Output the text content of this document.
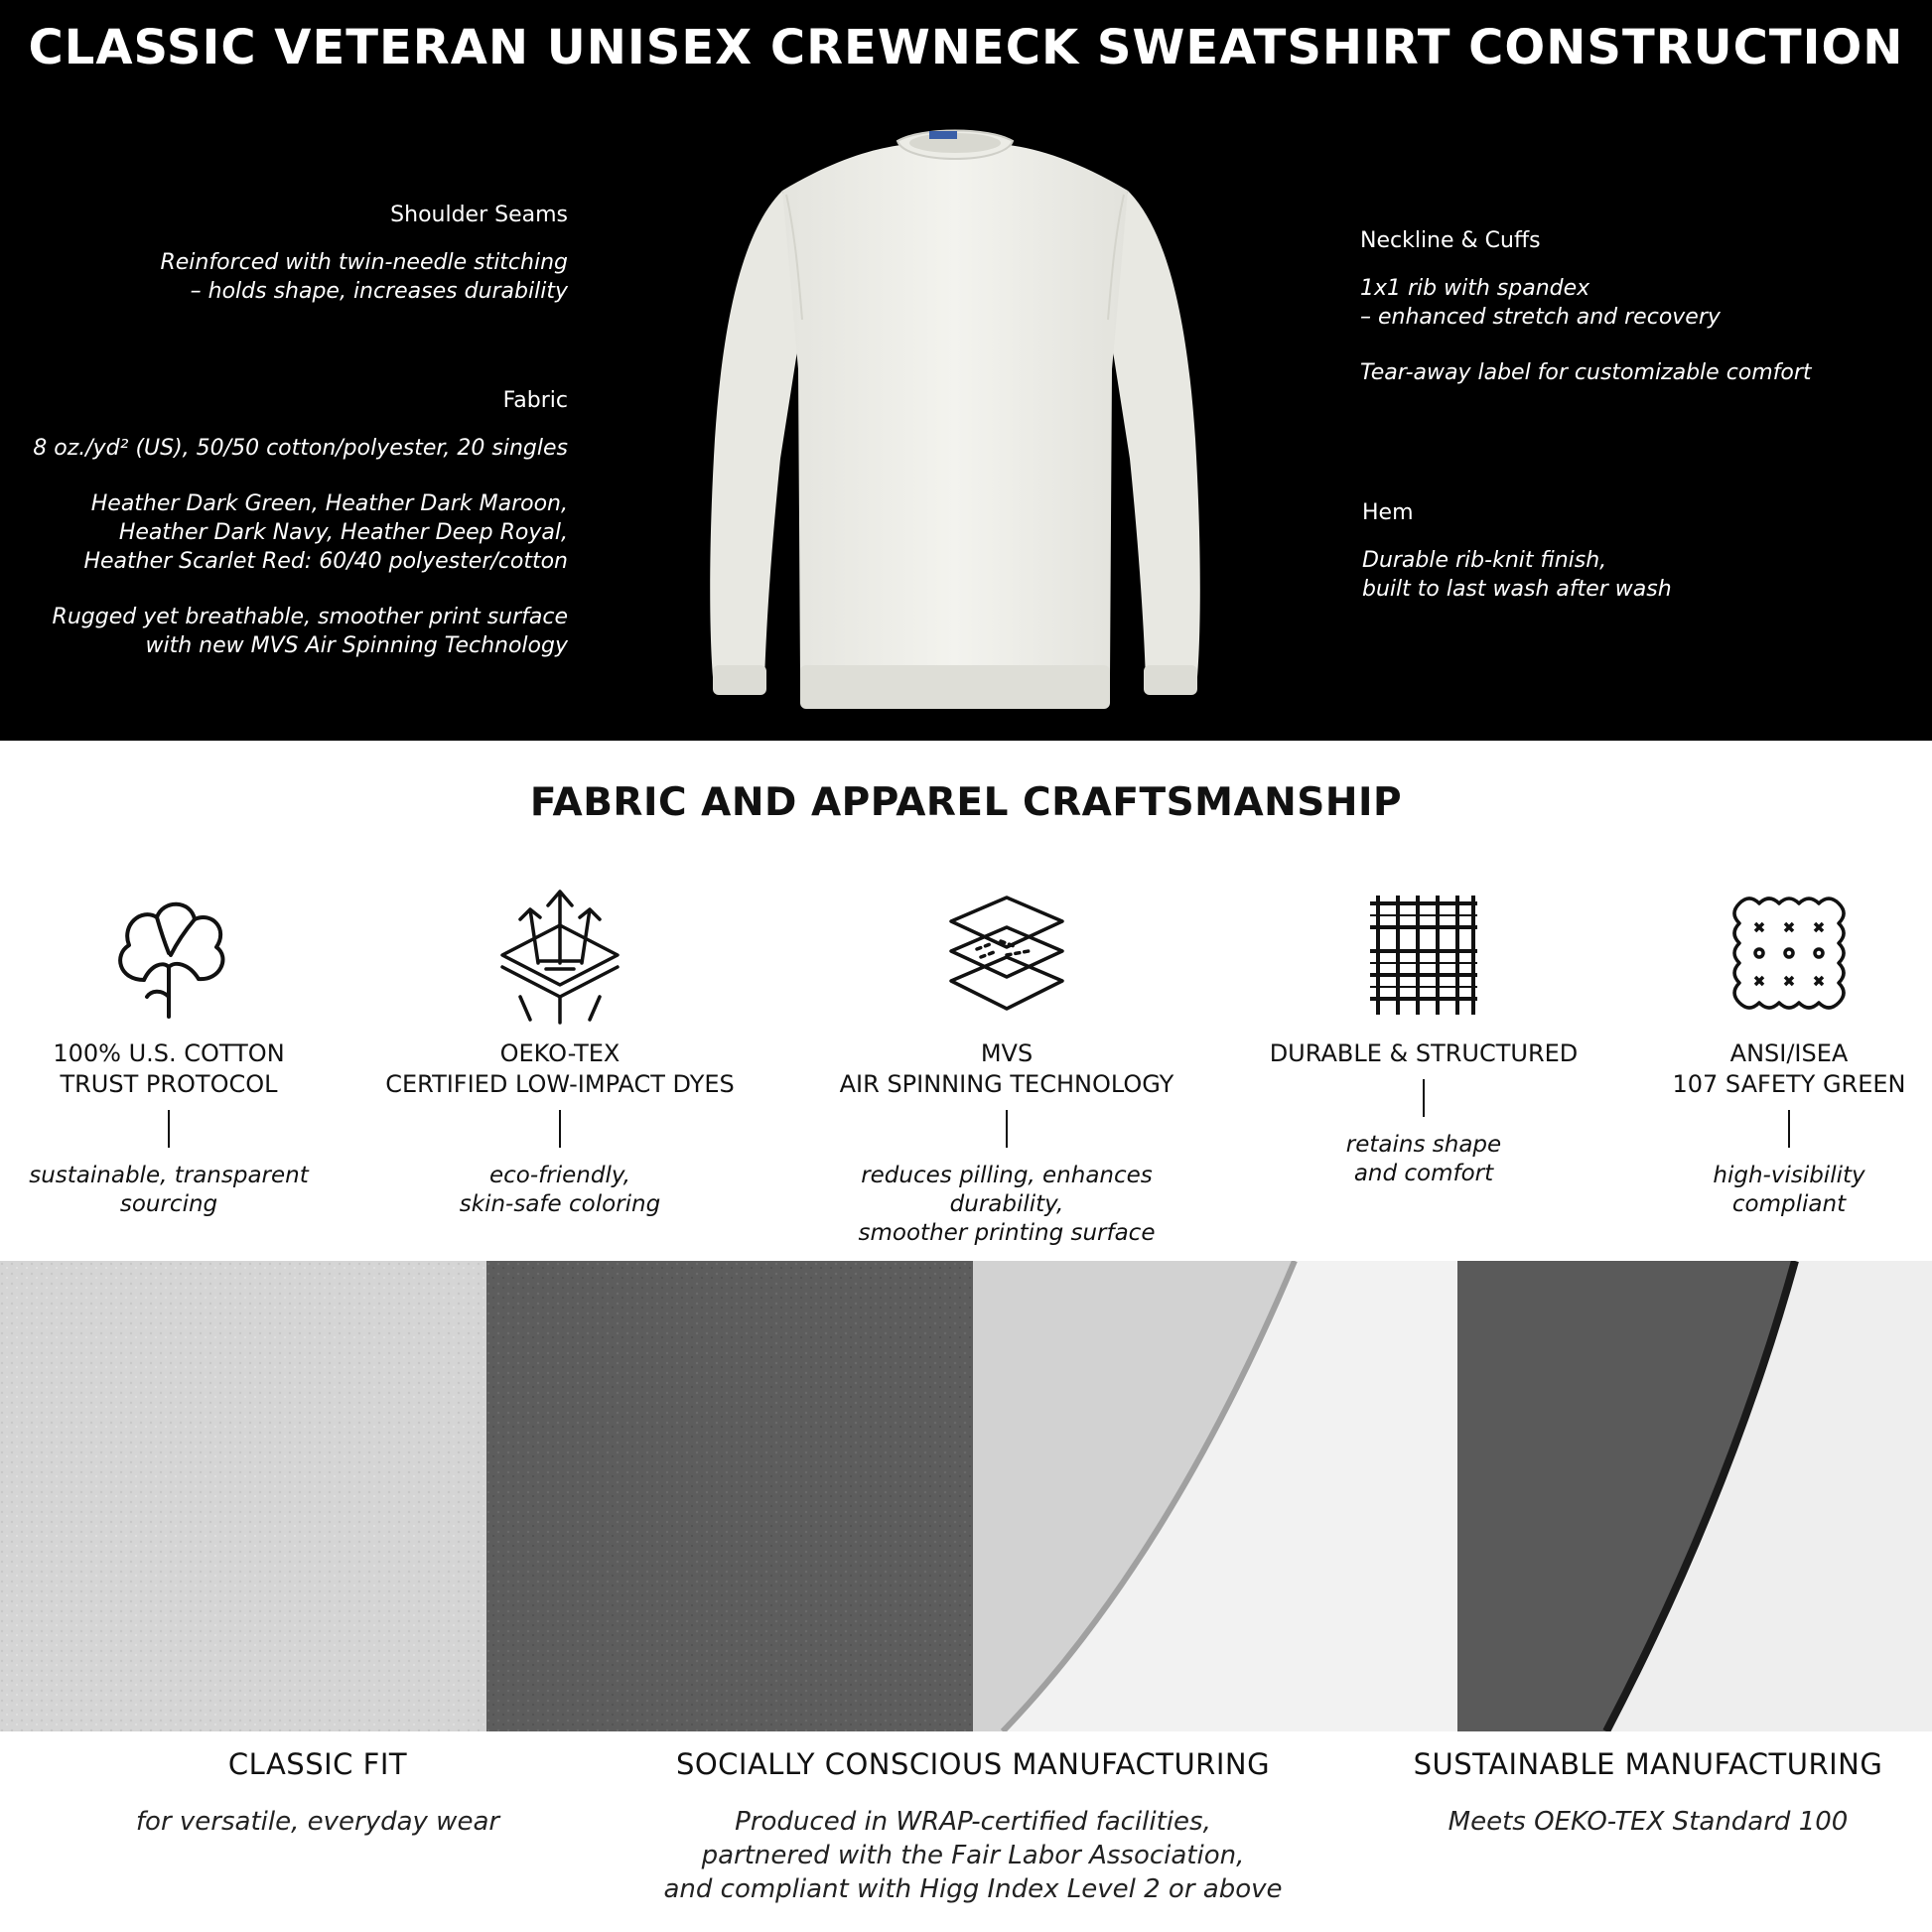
CLASSIC VETERAN UNISEX CREWNECK SWEATSHIRT CONSTRUCTION
Shoulder Seams
Reinforced with twin-needle stitching
– holds shape, increases durability
Fabric
8 oz./yd² (US), 50/50 cotton/polyester, 20 singles
Heather Dark Green, Heather Dark Maroon,
Heather Dark Navy, Heather Deep Royal,
Heather Scarlet Red: 60/40 polyester/cotton
Rugged yet breathable, smoother print surface
with new MVS Air Spinning Technology
Neckline & Cuffs
1x1 rib with spandex
– enhanced stretch and recovery
Tear-away label for customizable comfort
Hem
Durable rib-knit finish,
built to last wash after wash
FABRIC AND APPAREL CRAFTSMANSHIP
100% U.S. COTTON
TRUST PROTOCOL
sustainable, transparent
sourcing
OEKO-TEX
CERTIFIED LOW-IMPACT DYES
eco-friendly,
skin-safe coloring
MVS
AIR SPINNING TECHNOLOGY
reduces pilling, enhances durability,
smoother printing surface
DURABLE & STRUCTURED
retains shape
and comfort
ANSI/ISEA
107 SAFETY GREEN
high-visibility
compliant
CLASSIC FIT
for versatile, everyday wear
SOCIALLY CONSCIOUS MANUFACTURING
Produced in WRAP-certified facilities,
partnered with the Fair Labor Association,
and compliant with Higg Index Level 2 or above
SUSTAINABLE MANUFACTURING
Meets OEKO-TEX Standard 100
